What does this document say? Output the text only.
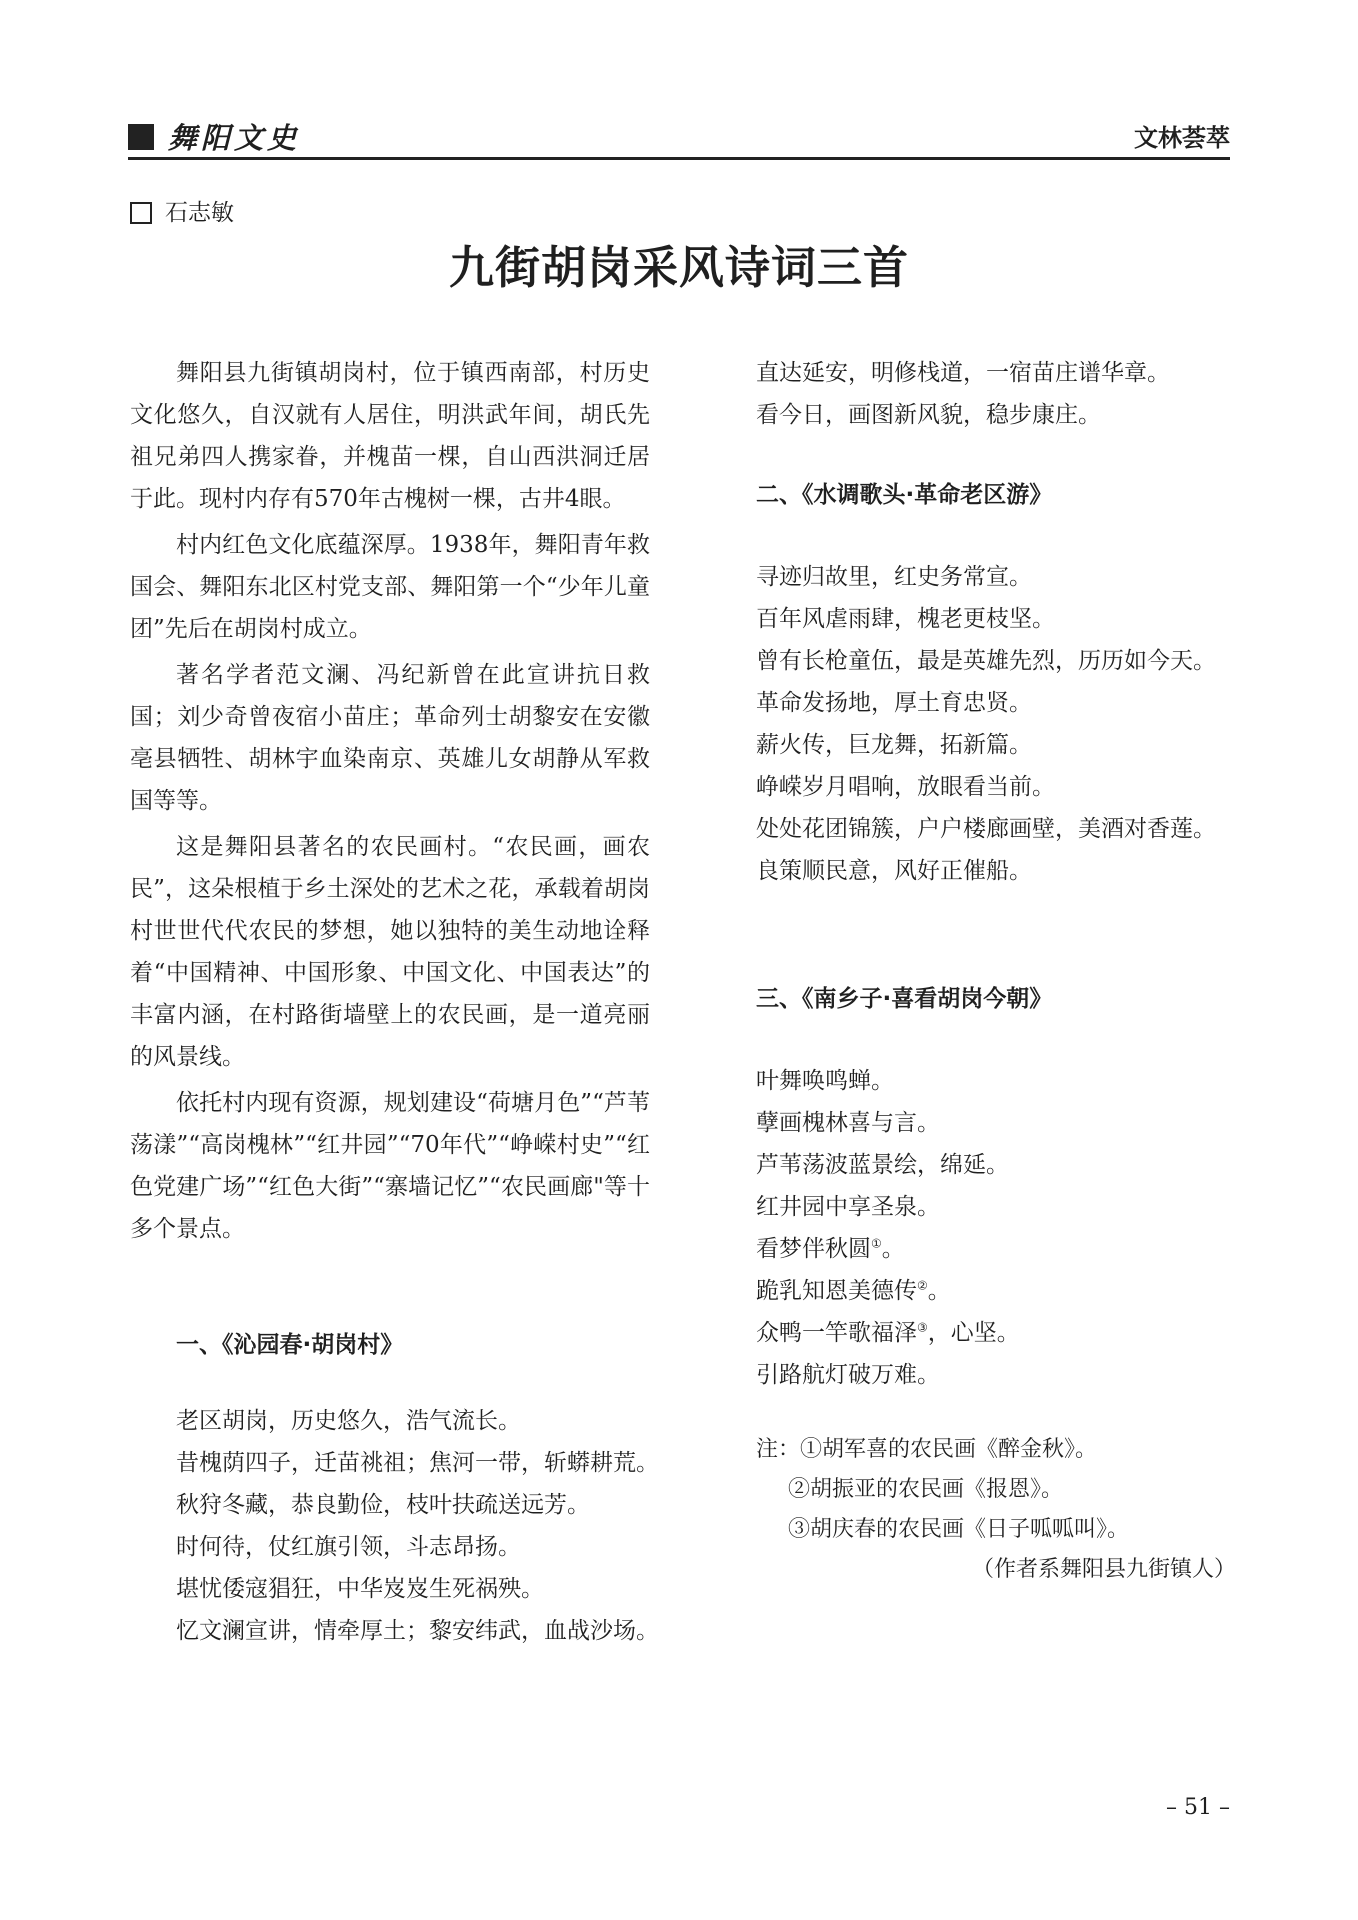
舞阳文史	文林荟萃
石志敏
九街胡岗采风诗词三首

舞阳县九街镇胡岗村，位于镇西南部，村历史文化悠久，自汉就有人居住，明洪武年间，胡氏先祖兄弟四人携家眷，并槐苗一棵，自山西洪洞迁居于此。现村内存有570年古槐树一棵，古井4眼。

村内红色文化底蕴深厚。1938年，舞阳青年救国会、舞阳东北区村党支部、舞阳第一个“少年儿童团”先后在胡岗村成立。

著名学者范文澜、冯纪新曾在此宣讲抗日救国；刘少奇曾夜宿小苗庄；革命列士胡黎安在安徽亳县牺牲、胡林宇血染南京、英雄儿女胡静从军救国等等。

这是舞阳县著名的农民画村。“农民画，画农民”，这朵根植于乡土深处的艺术之花，承载着胡岗村世世代代农民的梦想，她以独特的美生动地诠释着“中国精神、中国形象、中国文化、中国表达”的丰富内涵，在村路街墙壁上的农民画，是一道亮丽的风景线。

依托村内现有资源，规划建设“荷塘月色”“芦苇荡漾”“高岗槐林”“红井园”“70年代”“峥嵘村史”“红色党建广场”“红色大街”“寨墙记忆”“农民画廊"等十多个景点。

一、《沁园春·胡岗村》

老区胡岗，历史悠久，浩气流长。

昔槐荫四子，迁苗祧祖；焦河一带，斩蟒耕荒。

秋狩冬藏，恭良勤俭，枝叶扶疏送远芳。

时何待，仗红旗引领，斗志昂扬。

堪忧倭寇猖狂，中华岌岌生死祸殃。

忆文澜宣讲，情牵厚土；黎安纬武，血战沙场。

直达延安，明修栈道，一宿苗庄谱华章。

看今日，画图新风貌，稳步康庄。

二、《水调歌头·革命老区游》

寻迹归故里，红史务常宣。

百年风虐雨肆，槐老更枝坚。

曾有长枪童伍，最是英雄先烈，历历如今天。

革命发扬地，厚土育忠贤。

薪火传，巨龙舞，拓新篇。

峥嵘岁月唱响，放眼看当前。

处处花团锦簇，户户楼廊画壁，美酒对香莲。

良策顺民意，风好正催船。

三、《南乡子·喜看胡岗今朝》

叶舞唤鸣蝉。

孽画槐林喜与言。

芦苇荡波蓝景绘，绵延。

红井园中享圣泉。

看梦伴秋圆①。

跪乳知恩美德传②。

众鸭一竿歌福泽③，心坚。

引路航灯破万难。

注：①胡军喜的农民画《醉金秋》。

②胡振亚的农民画《报恩》。

③胡庆春的农民画《日子呱呱叫》。

（作者系舞阳县九街镇人）

– 51 –
